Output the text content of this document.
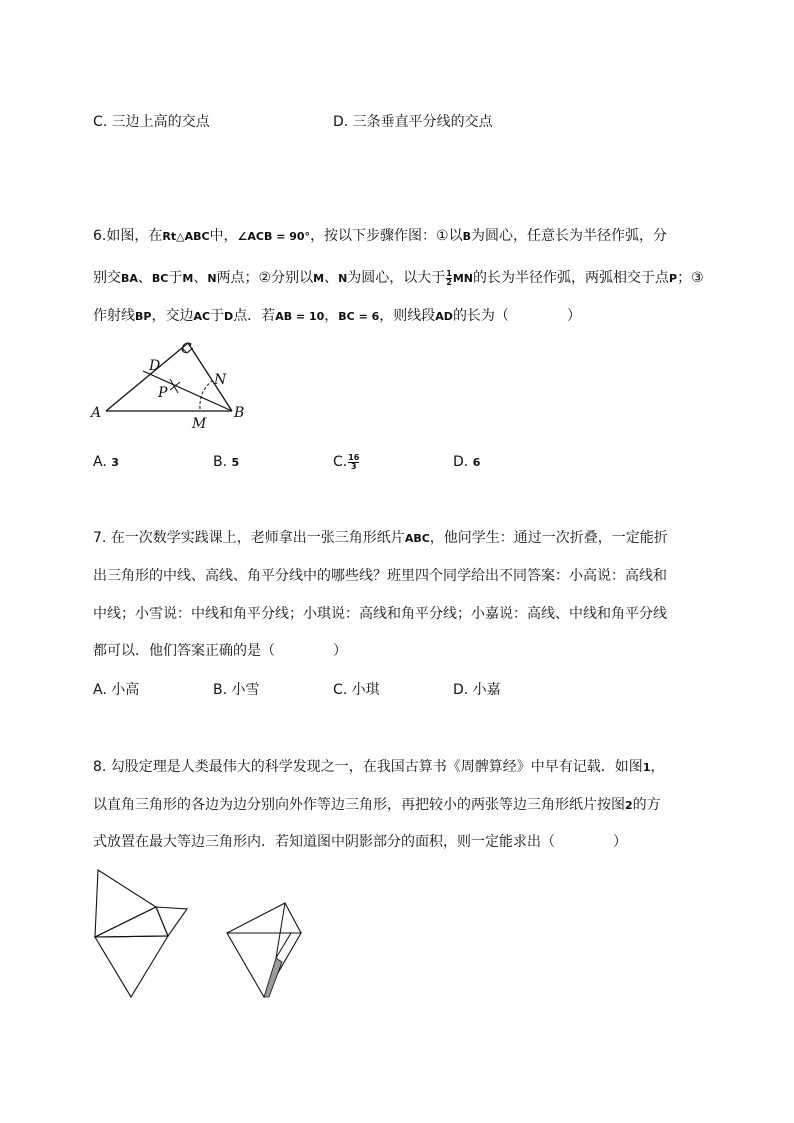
C. 三边上高的交点	D. 三条垂直平分线的交点
6.如图，在Rt△ABC中，∠ACB = 90°，按以下步骤作图：①以B为圆心，任意长为半径作弧，分
别交BA、BC于M、N两点；②分别以M、N为圆心，以大于 $\frac{1}{2}$ MN的长为半径作弧，两弧相交于点P；③
作射线BP，交边AC于D点．若AB = 10，BC = 6，则线段AD的长为（	）
A	B
C
D
N
M
P
A. 3	B. 5	C. $\frac{16}{3}$	D. 6
7. 在一次数学实践课上，老师拿出一张三角形纸片ABC，他问学生：通过一次折叠，一定能折
出三角形的中线、高线、角平分线中的哪些线？班里四个同学给出不同答案：小高说：高线和
中线；小雪说：中线和角平分线；小琪说：高线和角平分线；小嘉说：高线、中线和角平分线
都可以．他们答案正确的是（	）
A. 小高	B. 小雪	C. 小琪	D. 小嘉
8. 勾股定理是人类最伟大的科学发现之一，在我国古算书《周髀算经》中早有记载．如图1，
以直角三角形的各边为边分别向外作等边三角形，再把较小的两张等边三角形纸片按图2的方
式放置在最大等边三角形内．若知道图中阴影部分的面积，则一定能求出（	）
